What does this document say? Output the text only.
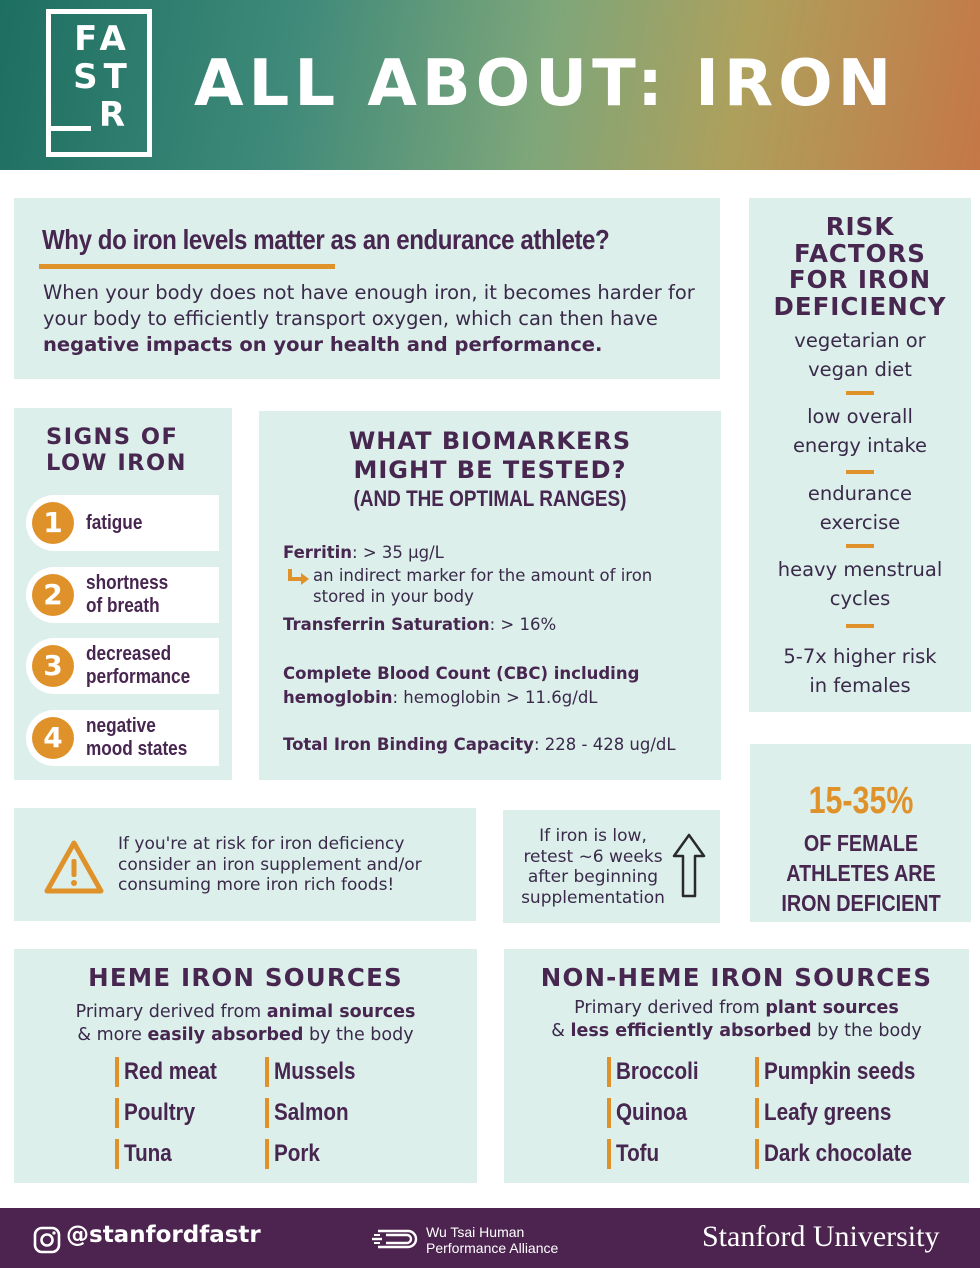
FA
ST
R ALL ABOUT: IRON
Why do iron levels matter as an endurance athlete?
When your body does not have enough iron, it becomes harder for your body to efficiently transport oxygen, which can then have negative impacts on your health and performance.
RISK FACTORS FOR IRON DEFICIENCY
vegetarian or vegan diet
low overall energy intake
endurance exercise
heavy menstrual cycles
5-7x higher risk in females
SIGNS OF LOW IRON
1	fatigue
2	shortness
of breath
3	decreased
performance
4	negative
mood states
WHAT BIOMARKERS MIGHT BE TESTED?
(AND THE OPTIMAL RANGES)
Ferritin: > 35 µg/L
an indirect marker for the amount of iron stored in your body
Transferrin Saturation: > 16%
Complete Blood Count (CBC) including hemoglobin: hemoglobin > 11.6g/dL
Total Iron Binding Capacity: 228 - 428 ug/dL
If you're at risk for iron deficiency consider an iron supplement and/or consuming more iron rich foods!
If iron is low, retest ~6 weeks after beginning supplementation
15-35%
OF FEMALE ATHLETES ARE IRON DEFICIENT
HEME IRON SOURCES
Primary derived from animal sources
& more easily absorbed by the body
Red meat	Mussels
Poultry	Salmon
Tuna	Pork
NON-HEME IRON SOURCES
Primary derived from plant sources
& less efficiently absorbed by the body
Broccoli	Pumpkin seeds
Quinoa	Leafy greens
Tofu	Dark chocolate
@stanfordfastr	Wu Tsai Human Performance Alliance	Stanford University
